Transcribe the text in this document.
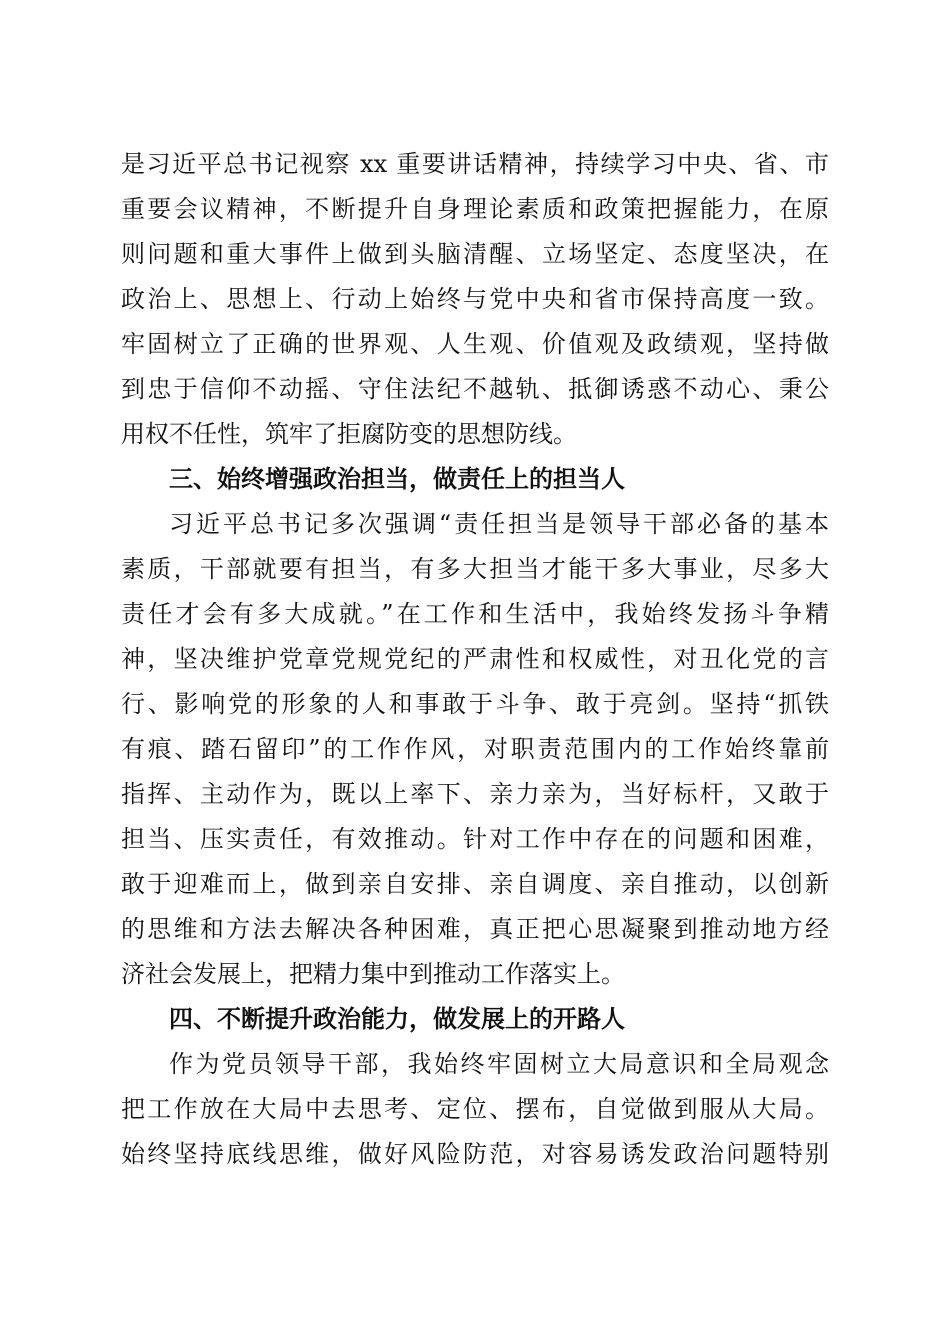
是习近平总书记视察 xx 重要讲话精神，持续学习中央、省、市
重要会议精神，不断提升自身理论素质和政策把握能力，在原
则问题和重大事件上做到头脑清醒、立场坚定、态度坚决，在
政治上、思想上、行动上始终与党中央和省市保持高度一致。
牢固树立了正确的世界观、人生观、价值观及政绩观，坚持做
到忠于信仰不动摇、守住法纪不越轨、抵御诱惑不动心、秉公
用权不任性，筑牢了拒腐防变的思想防线。
三、始终增强政治担当，做责任上的担当人
习近平总书记多次强调“责任担当是领导干部必备的基本
素质，干部就要有担当，有多大担当才能干多大事业，尽多大
责任才会有多大成就。”在工作和生活中，我始终发扬斗争精
神，坚决维护党章党规党纪的严肃性和权威性，对丑化党的言
行、影响党的形象的人和事敢于斗争、敢于亮剑。坚持“抓铁
有痕、踏石留印”的工作作风，对职责范围内的工作始终靠前
指挥、主动作为，既以上率下、亲力亲为，当好标杆，又敢于
担当、压实责任，有效推动。针对工作中存在的问题和困难，
敢于迎难而上，做到亲自安排、亲自调度、亲自推动，以创新
的思维和方法去解决各种困难，真正把心思凝聚到推动地方经
济社会发展上，把精力集中到推动工作落实上。
四、不断提升政治能力，做发展上的开路人
作为党员领导干部，我始终牢固树立大局意识和全局观念
把工作放在大局中去思考、定位、摆布，自觉做到服从大局。
始终坚持底线思维，做好风险防范，对容易诱发政治问题特别
